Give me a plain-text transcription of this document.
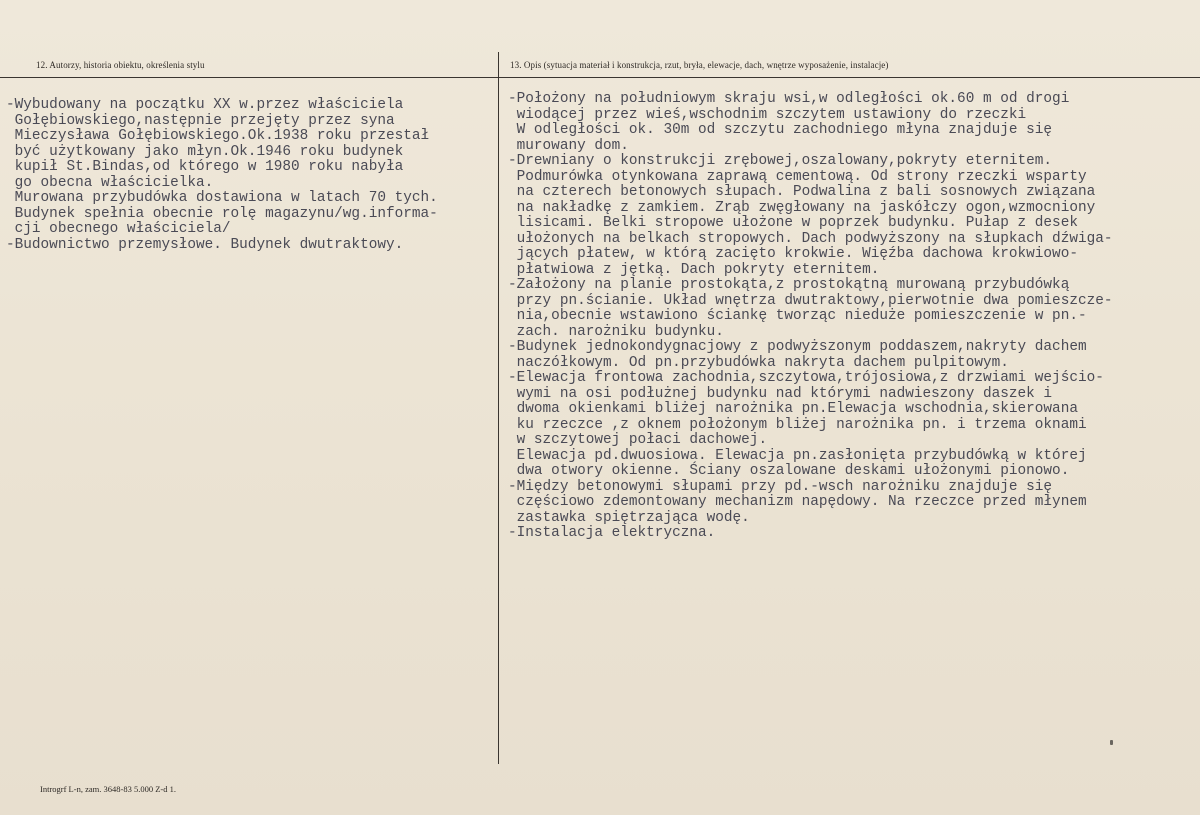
12. Autorzy, historia obiektu, określenia stylu	13. Opis (sytuacja materiał i konstrukcja, rzut, bryła, elewacje, dach, wnętrze wyposażenie, instalacje)
-Wybudowany na początku XX w.przez właściciela
Gołębiowskiego,następnie przejęty przez syna
Mieczysława Gołębiowskiego.Ok.1938 roku przestał
być użytkowany jako młyn.Ok.1946 roku budynek
kupił St.Bindas,od którego w 1980 roku nabyła
go obecna właścicielka.
Murowana przybudówka dostawiona w latach 70 tych.
Budynek spełnia obecnie rolę magazynu/wg.informa-
cji obecnego właściciela/
-Budownictwo przemysłowe. Budynek dwutraktowy.
-Położony na południowym skraju wsi,w odległości ok.60 m od drogi
wiodącej przez wieś,wschodnim szczytem ustawiony do rzeczki
W odległości ok. 30m od szczytu zachodniego młyna znajduje się
murowany dom.
-Drewniany o konstrukcji zrębowej,oszalowany,pokryty eternitem.
Podmurówka otynkowana zaprawą cementową. Od strony rzeczki wsparty
na czterech betonowych słupach. Podwalina z bali sosnowych związana
na nakładkę z zamkiem. Zrąb zwęgłowany na jaskółczy ogon,wzmocniony
lisicami. Belki stropowe ułożone w poprzek budynku. Pułap z desek
ułożonych na belkach stropowych. Dach podwyższony na słupkach dźwiga-
jących płatew, w którą zacięto krokwie. Więźba dachowa krokwiowo-
płatwiowa z jętką. Dach pokryty eternitem.
-Założony na planie prostokąta,z prostokątną murowaną przybudówką
przy pn.ścianie. Układ wnętrza dwutraktowy,pierwotnie dwa pomieszcze-
nia,obecnie wstawiono ściankę tworząc nieduże pomieszczenie w pn.-
zach. narożniku budynku.
-Budynek jednokondygnacjowy z podwyższonym poddaszem,nakryty dachem
naczółkowym. Od pn.przybudówka nakryta dachem pulpitowym.
-Elewacja frontowa zachodnia,szczytowa,trójosiowa,z drzwiami wejścio-
wymi na osi podłużnej budynku nad którymi nadwieszony daszek i
dwoma okienkami bliżej narożnika pn.Elewacja wschodnia,skierowana
ku rzeczce ,z oknem położonym bliżej narożnika pn. i trzema oknami
w szczytowej połaci dachowej.
Elewacja pd.dwuosiowa. Elewacja pn.zasłonięta przybudówką w której
dwa otwory okienne. Ściany oszalowane deskami ułożonymi pionowo.
-Między betonowymi słupami przy pd.-wsch narożniku znajduje się
częściowo zdemontowany mechanizm napędowy. Na rzeczce przed młynem
zastawka spiętrzająca wodę.
-Instalacja elektryczna.
Introgrf L-n, zam. 3648-83 5.000 Z-d 1.
